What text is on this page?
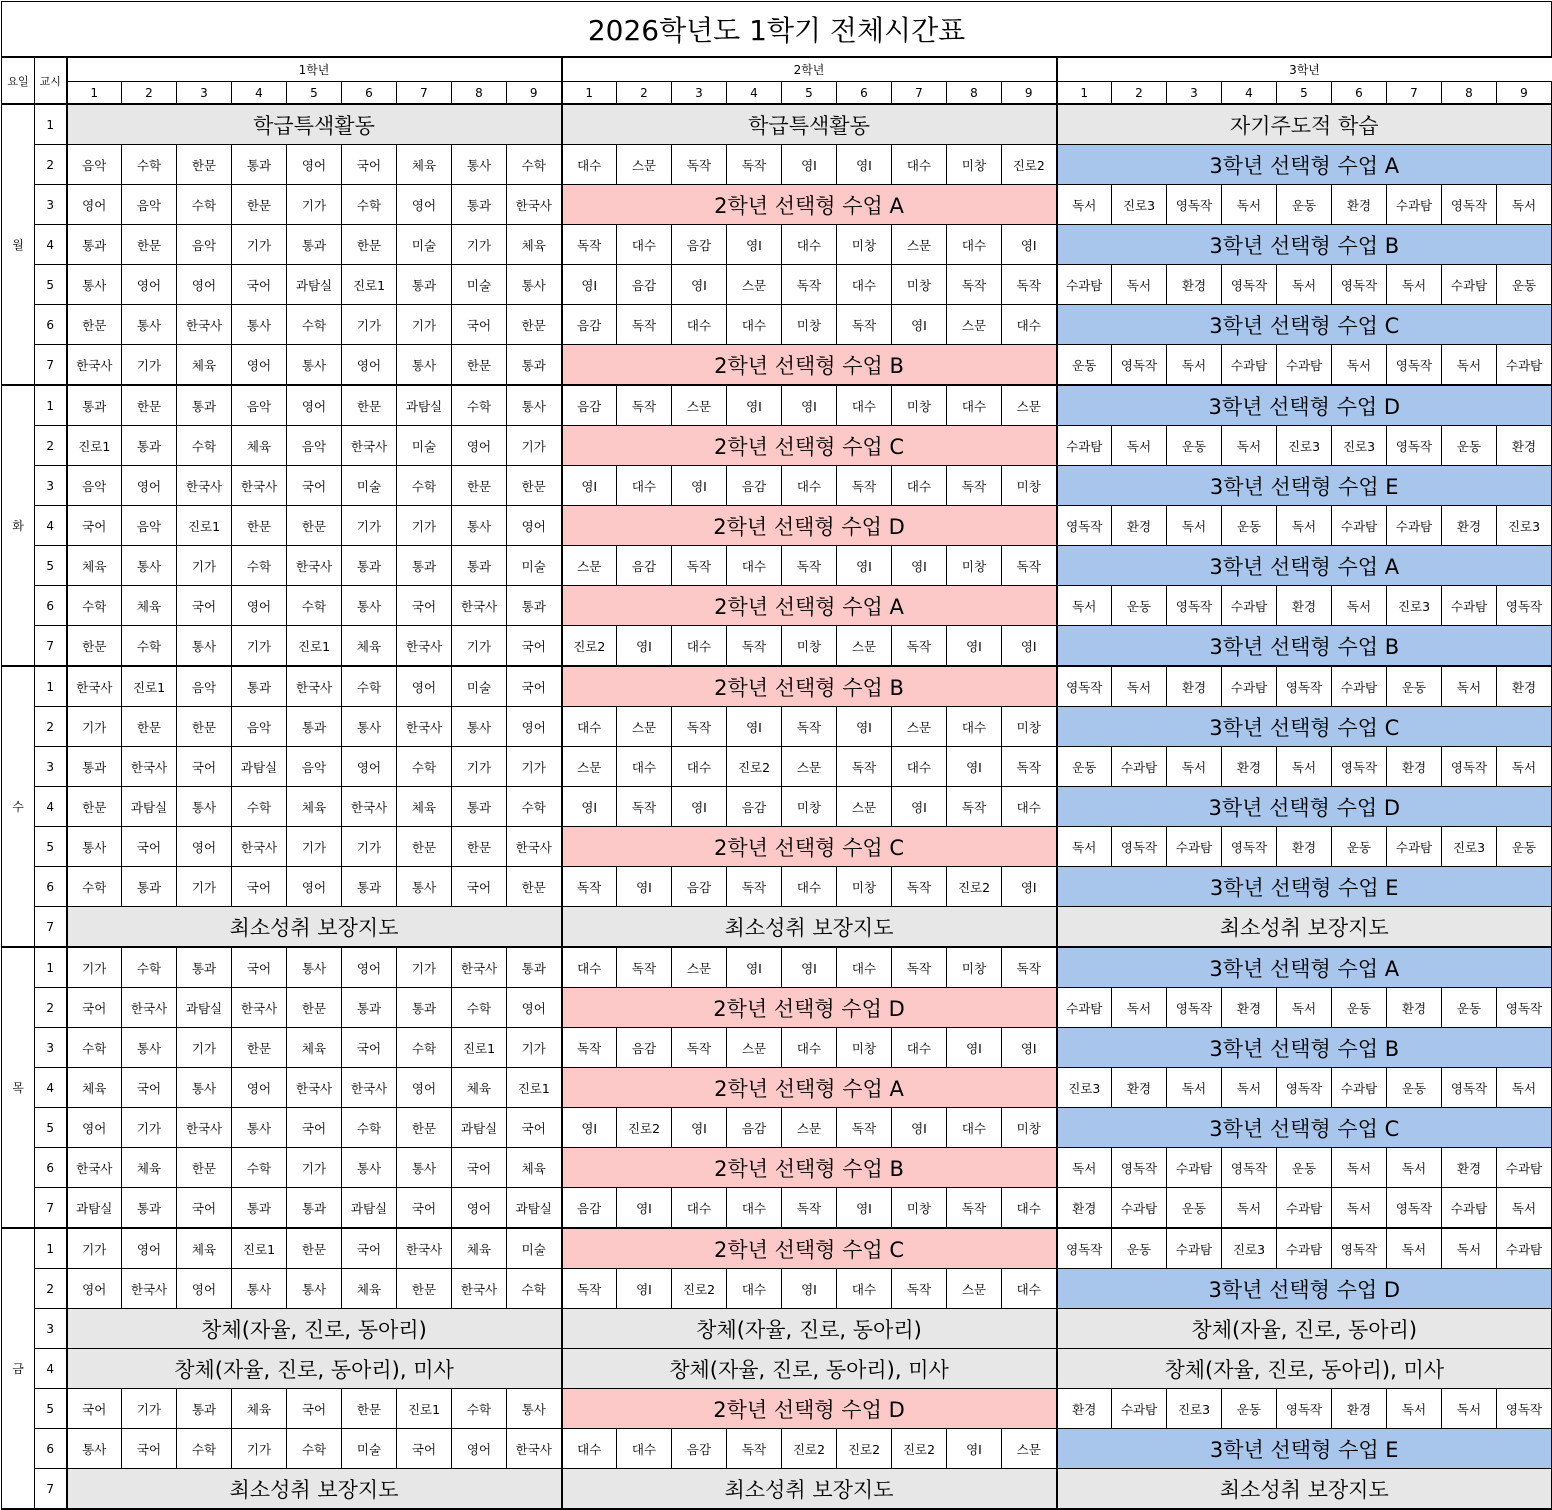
2026학년도 1학기 전체시간표																												
요일	교시	1학년									2학년									3학년								
		1	2	3	4	5	6	7	8	9	1	2	3	4	5	6	7	8	9	1	2	3	4	5	6	7	8	9
월	1	학급특색활동									학급특색활동									자기주도적 학습								
	2	음악	수학	한문	통과	영어	국어	체육	통사	수학	대수	스문	독작	독작	영Ⅰ	영Ⅰ	대수	미창	진로2	3학년 선택형 수업 A								
	3	영어	음악	수학	한문	기가	수학	영어	통과	한국사	2학년 선택형 수업 A									독서	진로3	영독작	독서	운동	환경	수과탐	영독작	독서
	4	통과	한문	음악	기가	통과	한문	미술	기가	체육	독작	대수	음감	영Ⅰ	대수	미창	스문	대수	영Ⅰ	3학년 선택형 수업 B								
	5	통사	영어	영어	국어	과탐실	진로1	통과	미술	통사	영Ⅰ	음감	영Ⅰ	스문	독작	대수	미창	독작	독작	수과탐	독서	환경	영독작	독서	영독작	독서	수과탐	운동
	6	한문	통사	한국사	통사	수학	기가	기가	국어	한문	음감	독작	대수	대수	미창	독작	영Ⅰ	스문	대수	3학년 선택형 수업 C								
	7	한국사	기가	체육	영어	통사	영어	통사	한문	통과	2학년 선택형 수업 B									운동	영독작	독서	수과탐	수과탐	독서	영독작	독서	수과탐
화	1	통과	한문	통과	음악	영어	한문	과탐실	수학	통사	음감	독작	스문	영Ⅰ	영Ⅰ	대수	미창	대수	스문	3학년 선택형 수업 D								
	2	진로1	통과	수학	체육	음악	한국사	미술	영어	기가	2학년 선택형 수업 C									수과탐	독서	운동	독서	진로3	진로3	영독작	운동	환경
	3	음악	영어	한국사	한국사	국어	미술	수학	한문	한문	영Ⅰ	대수	영Ⅰ	음감	대수	독작	대수	독작	미창	3학년 선택형 수업 E								
	4	국어	음악	진로1	한문	한문	기가	기가	통사	영어	2학년 선택형 수업 D									영독작	환경	독서	운동	독서	수과탐	수과탐	환경	진로3
	5	체육	통사	기가	수학	한국사	통과	통과	통과	미술	스문	음감	독작	대수	독작	영Ⅰ	영Ⅰ	미창	독작	3학년 선택형 수업 A								
	6	수학	체육	국어	영어	수학	통사	국어	한국사	통과	2학년 선택형 수업 A									독서	운동	영독작	수과탐	환경	독서	진로3	수과탐	영독작
	7	한문	수학	통사	기가	진로1	체육	한국사	기가	국어	진로2	영Ⅰ	대수	독작	미창	스문	독작	영Ⅰ	영Ⅰ	3학년 선택형 수업 B								
수	1	한국사	진로1	음악	통과	한국사	수학	영어	미술	국어	2학년 선택형 수업 B									영독작	독서	환경	수과탐	영독작	수과탐	운동	독서	환경
	2	기가	한문	한문	음악	통과	통사	한국사	통사	영어	대수	스문	독작	영Ⅰ	독작	영Ⅰ	스문	대수	미창	3학년 선택형 수업 C								
	3	통과	한국사	국어	과탐실	음악	영어	수학	기가	기가	스문	대수	대수	진로2	스문	독작	대수	영Ⅰ	독작	운동	수과탐	독서	환경	독서	영독작	환경	영독작	독서
	4	한문	과탐실	통사	수학	체육	한국사	체육	통과	수학	영Ⅰ	독작	영Ⅰ	음감	미창	스문	영Ⅰ	독작	대수	3학년 선택형 수업 D								
	5	통사	국어	영어	한국사	기가	기가	한문	한문	한국사	2학년 선택형 수업 C									독서	영독작	수과탐	영독작	환경	운동	수과탐	진로3	운동
	6	수학	통과	기가	국어	영어	통과	통사	국어	한문	독작	영Ⅰ	음감	독작	대수	미창	독작	진로2	영Ⅰ	3학년 선택형 수업 E								
	7	최소성취 보장지도									최소성취 보장지도									최소성취 보장지도								
목	1	기가	수학	통과	국어	통사	영어	기가	한국사	통과	대수	독작	스문	영Ⅰ	영Ⅰ	대수	독작	미창	독작	3학년 선택형 수업 A								
	2	국어	한국사	과탐실	한국사	한문	통과	통과	수학	영어	2학년 선택형 수업 D									수과탐	독서	영독작	환경	독서	운동	환경	운동	영독작
	3	수학	통사	기가	한문	체육	국어	수학	진로1	기가	독작	음감	독작	스문	대수	미창	대수	영Ⅰ	영Ⅰ	3학년 선택형 수업 B								
	4	체육	국어	통사	영어	한국사	한국사	영어	체육	진로1	2학년 선택형 수업 A									진로3	환경	독서	독서	영독작	수과탐	운동	영독작	독서
	5	영어	기가	한국사	통사	국어	수학	한문	과탐실	국어	영Ⅰ	진로2	영Ⅰ	음감	스문	독작	영Ⅰ	대수	미창	3학년 선택형 수업 C								
	6	한국사	체육	한문	수학	기가	통사	통사	국어	체육	2학년 선택형 수업 B									독서	영독작	수과탐	영독작	운동	독서	독서	환경	수과탐
	7	과탐실	통과	국어	통과	통과	과탐실	국어	영어	과탐실	음감	영Ⅰ	대수	대수	독작	영Ⅰ	미창	독작	대수	환경	수과탐	운동	독서	수과탐	독서	영독작	수과탐	독서
금	1	기가	영어	체육	진로1	한문	국어	한국사	체육	미술	2학년 선택형 수업 C									영독작	운동	수과탐	진로3	수과탐	영독작	독서	독서	수과탐
	2	영어	한국사	영어	통사	통사	체육	한문	한국사	수학	독작	영Ⅰ	진로2	대수	영Ⅰ	대수	독작	스문	대수	3학년 선택형 수업 D								
	3	창체(자율, 진로, 동아리)									창체(자율, 진로, 동아리)									창체(자율, 진로, 동아리)								
	4	창체(자율, 진로, 동아리), 미사									창체(자율, 진로, 동아리), 미사									창체(자율, 진로, 동아리), 미사								
	5	국어	기가	통과	체육	국어	한문	진로1	수학	통사	2학년 선택형 수업 D									환경	수과탐	진로3	운동	영독작	환경	독서	독서	영독작
	6	통사	국어	수학	기가	수학	미술	국어	영어	한국사	대수	대수	음감	독작	진로2	진로2	진로2	영Ⅰ	스문	3학년 선택형 수업 E								
	7	최소성취 보장지도									최소성취 보장지도									최소성취 보장지도								
